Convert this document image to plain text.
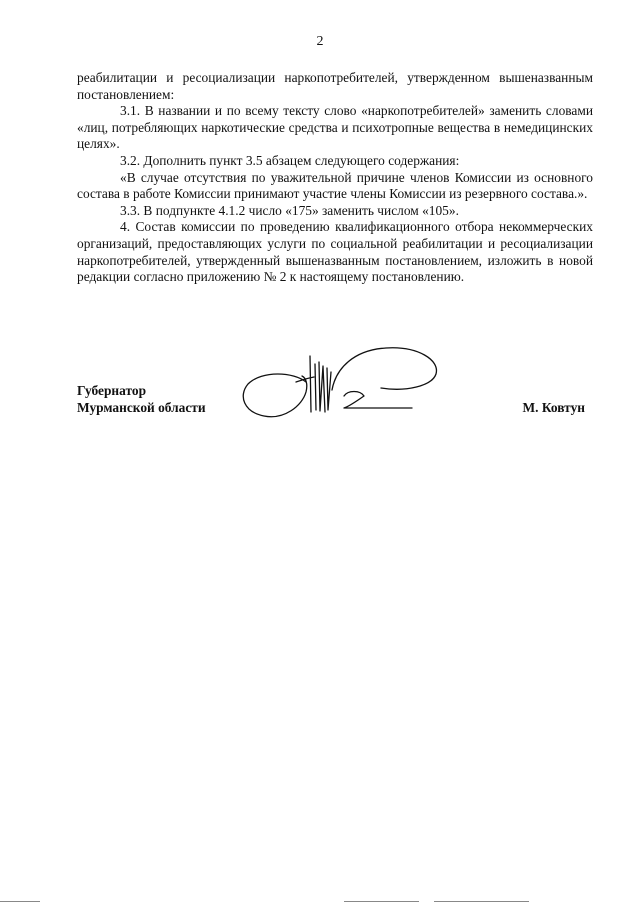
2

реабилитации и ресоциализации наркопотребителей, утвержденном вышеназванным постановлением:

3.1. В названии и по всему тексту слово «наркопотребителей» заменить словами «лиц, потребляющих наркотические средства и психотропные вещества в немедицинских целях».

3.2. Дополнить пункт 3.5 абзацем следующего содержания:

«В случае отсутствия по уважительной причине членов Комиссии из основного состава в работе Комиссии принимают участие члены Комиссии из резервного состава.».

3.3. В подпункте 4.1.2 число «175» заменить числом «105».

4. Состав комиссии по проведению квалификационного отбора некоммерческих организаций, предоставляющих услуги по социальной реабилитации и ресоциализации наркопотребителей, утвержденный вышеназванным постановлением, изложить в новой редакции согласно приложению № 2 к настоящему постановлению.

Губернатор
Мурманской области	М. Ковтун
